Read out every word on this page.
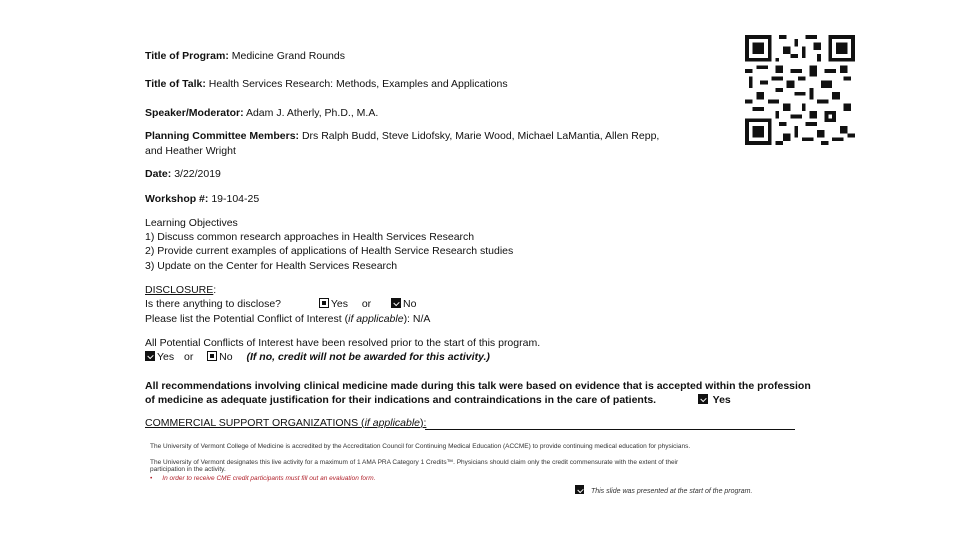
Title of Program: Medicine Grand Rounds
Title of Talk: Health Services Research: Methods, Examples and Applications
Speaker/Moderator: Adam J. Atherly, Ph.D., M.A.
Planning Committee Members: Drs Ralph Budd, Steve Lidofsky, Marie Wood, Michael LaMantia, Allen Repp,
and Heather Wright
Date: 3/22/2019
Workshop #: 19-104-25
Learning Objectives
1) Discuss common research approaches in Health Services Research
2) Provide current examples of applications of Health Service Research studies
3) Update on the Center for Health Services Research
DISCLOSURE:
Is there anything to disclose?	Yes or	No
Please list the Potential Conflict of Interest (if applicable): N/A
All Potential Conflicts of Interest have been resolved prior to the start of this program.
Yes or No (If no, credit will not be awarded for this activity.)
All recommendations involving clinical medicine made during this talk were based on evidence that is accepted within the profession
of medicine as adequate justification for their indications and contraindications in the care of patients.	Yes
COMMERCIAL SUPPORT ORGANIZATIONS (if applicable):
The University of Vermont College of Medicine is accredited by the Accreditation Council for Continuing Medical Education (ACCME) to provide continuing medical education for physicians.
The University of Vermont designates this live activity for a maximum of 1 AMA PRA Category 1 Credits™. Physicians should claim only the credit commensurate with the extent of their
participation in the activity.
• In order to receive CME credit participants must fill out an evaluation form.
This slide was presented at the start of the program.
